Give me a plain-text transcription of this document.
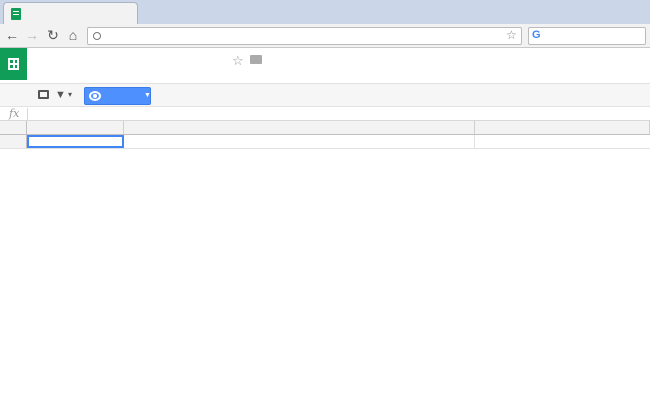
← → ↻ ⌂	☆ G
☆
▼ ▾	▼
fx
